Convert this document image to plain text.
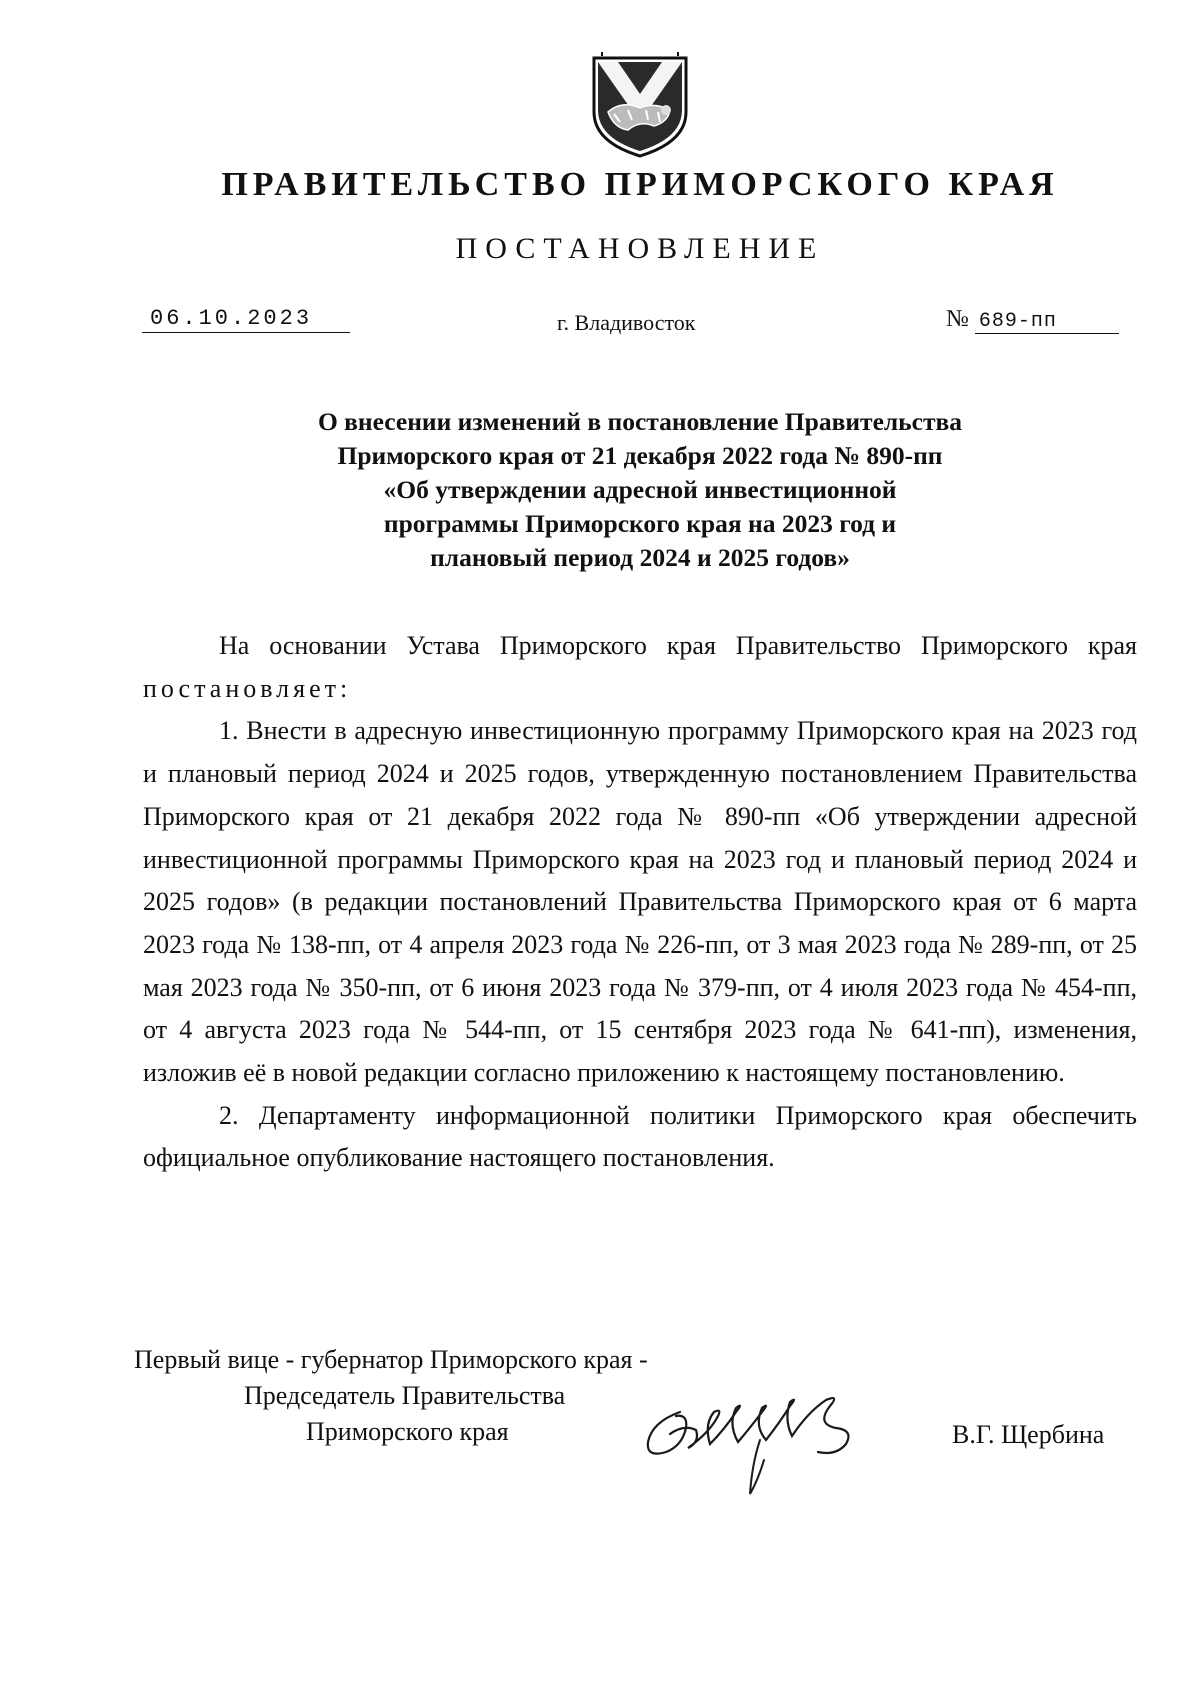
ПРАВИТЕЛЬСТВО ПРИМОРСКОГО КРАЯ
ПОСТАНОВЛЕНИЕ
06.10.2023	г. Владивосток	№ 689-пп
О внесении изменений в постановление Правительства
Приморского края от 21 декабря 2022 года № 890-пп
«Об утверждении адресной инвестиционной
программы Приморского края на 2023 год и
плановый период 2024 и 2025 годов»

На основании Устава Приморского края Правительство Приморского края постановляет:

1. Внести в адресную инвестиционную программу Приморского края на 2023 год и плановый период 2024 и 2025 годов, утвержденную постановлением Правительства Приморского края от 21 декабря 2022 года № 890-пп «Об утверждении адресной инвестиционной программы Приморского края на 2023 год и плановый период 2024 и 2025 годов» (в редакции постановлений Правительства Приморского края от 6 марта 2023 года № 138-пп, от 4 апреля 2023 года № 226-пп, от 3 мая 2023 года № 289-пп, от 25 мая 2023 года № 350-пп, от 6 июня 2023 года № 379-пп, от 4 июля 2023 года № 454-пп, от 4 августа 2023 года № 544-пп, от 15 сентября 2023 года № 641-пп), изменения, изложив её в новой редакции согласно приложению к настоящему постановлению.

2. Департаменту информационной политики Приморского края обеспечить официальное опубликование настоящего постановления.

Первый вице - губернатор Приморского края -
Председатель Правительства
Приморского края	В.Г. Щербина
